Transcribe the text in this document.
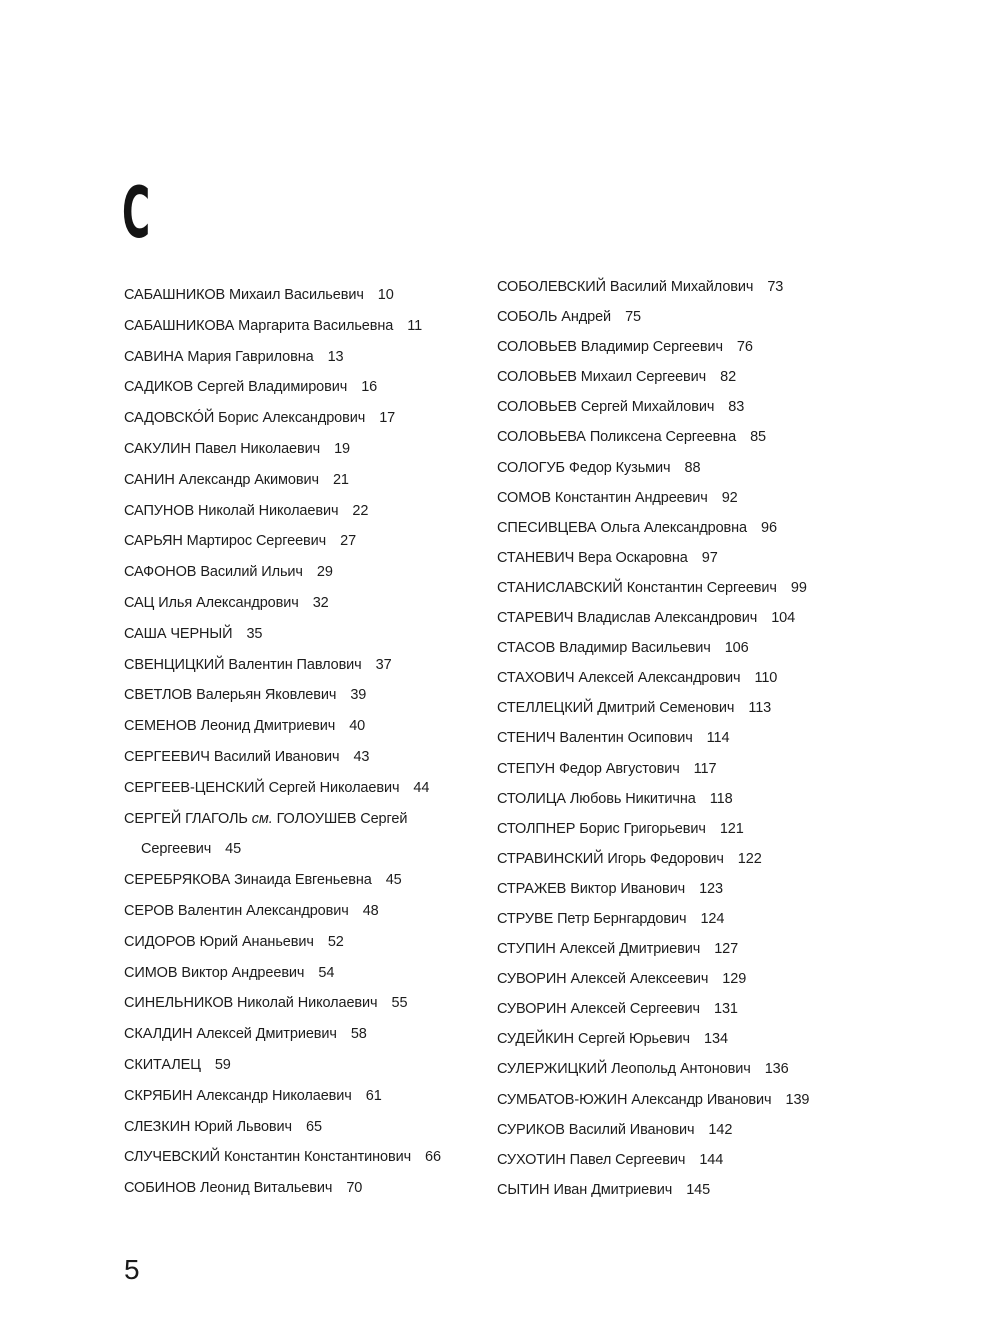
С
САБАШНИКОВ Михаил Васильевич 10
САБАШНИКОВА Маргарита Васильевна 11
САВИНА Мария Гавриловна 13
САДИКОВ Сергей Владимирович 16
САДОВСКО́Й Борис Александрович 17
САКУЛИН Павел Николаевич 19
САНИН Александр Акимович 21
САПУНОВ Николай Николаевич 22
САРЬЯН Мартирос Сергеевич 27
САФОНОВ Василий Ильич 29
САЦ Илья Александрович 32
САША ЧЕРНЫЙ 35
СВЕНЦИЦКИЙ Валентин Павлович 37
СВЕТЛОВ Валерьян Яковлевич 39
СЕМЕНОВ Леонид Дмитриевич 40
СЕРГЕЕВИЧ Василий Иванович 43
СЕРГЕЕВ-ЦЕНСКИЙ Сергей Николаевич 44
СЕРГЕЙ ГЛАГОЛЬ см. ГОЛОУШЕВ Сергей
Сергеевич 45
СЕРЕБРЯКОВА Зинаида Евгеньевна 45
СЕРОВ Валентин Александрович 48
СИДОРОВ Юрий Ананьевич 52
СИМОВ Виктор Андреевич 54
СИНЕЛЬНИКОВ Николай Николаевич 55
СКАЛДИН Алексей Дмитриевич 58
СКИТАЛЕЦ 59
СКРЯБИН Александр Николаевич 61
СЛЕЗКИН Юрий Львович 65
СЛУЧЕВСКИЙ Константин Константинович 66
СОБИНОВ Леонид Витальевич 70
СОБОЛЕВСКИЙ Василий Михайлович 73
СОБОЛЬ Андрей 75
СОЛОВЬЕВ Владимир Сергеевич 76
СОЛОВЬЕВ Михаил Сергеевич 82
СОЛОВЬЕВ Сергей Михайлович 83
СОЛОВЬЕВА Поликсена Сергеевна 85
СОЛОГУБ Федор Кузьмич 88
СОМОВ Константин Андреевич 92
СПЕСИВЦЕВА Ольга Александровна 96
СТАНЕВИЧ Вера Оскаровна 97
СТАНИСЛАВСКИЙ Константин Сергеевич 99
СТАРЕВИЧ Владислав Александрович 104
СТАСОВ Владимир Васильевич 106
СТАХОВИЧ Алексей Александрович 110
СТЕЛЛЕЦКИЙ Дмитрий Семенович 113
СТЕНИЧ Валентин Осипович 114
СТЕПУН Федор Августович 117
СТОЛИЦА Любовь Никитична 118
СТОЛПНЕР Борис Григорьевич 121
СТРАВИНСКИЙ Игорь Федорович 122
СТРАЖЕВ Виктор Иванович 123
СТРУВЕ Петр Бернгардович 124
СТУПИН Алексей Дмитриевич 127
СУВОРИН Алексей Алексеевич 129
СУВОРИН Алексей Сергеевич 131
СУДЕЙКИН Сергей Юрьевич 134
СУЛЕРЖИЦКИЙ Леопольд Антонович 136
СУМБАТОВ-ЮЖИН Александр Иванович 139
СУРИКОВ Василий Иванович 142
СУХОТИН Павел Сергеевич 144
СЫТИН Иван Дмитриевич 145

5
